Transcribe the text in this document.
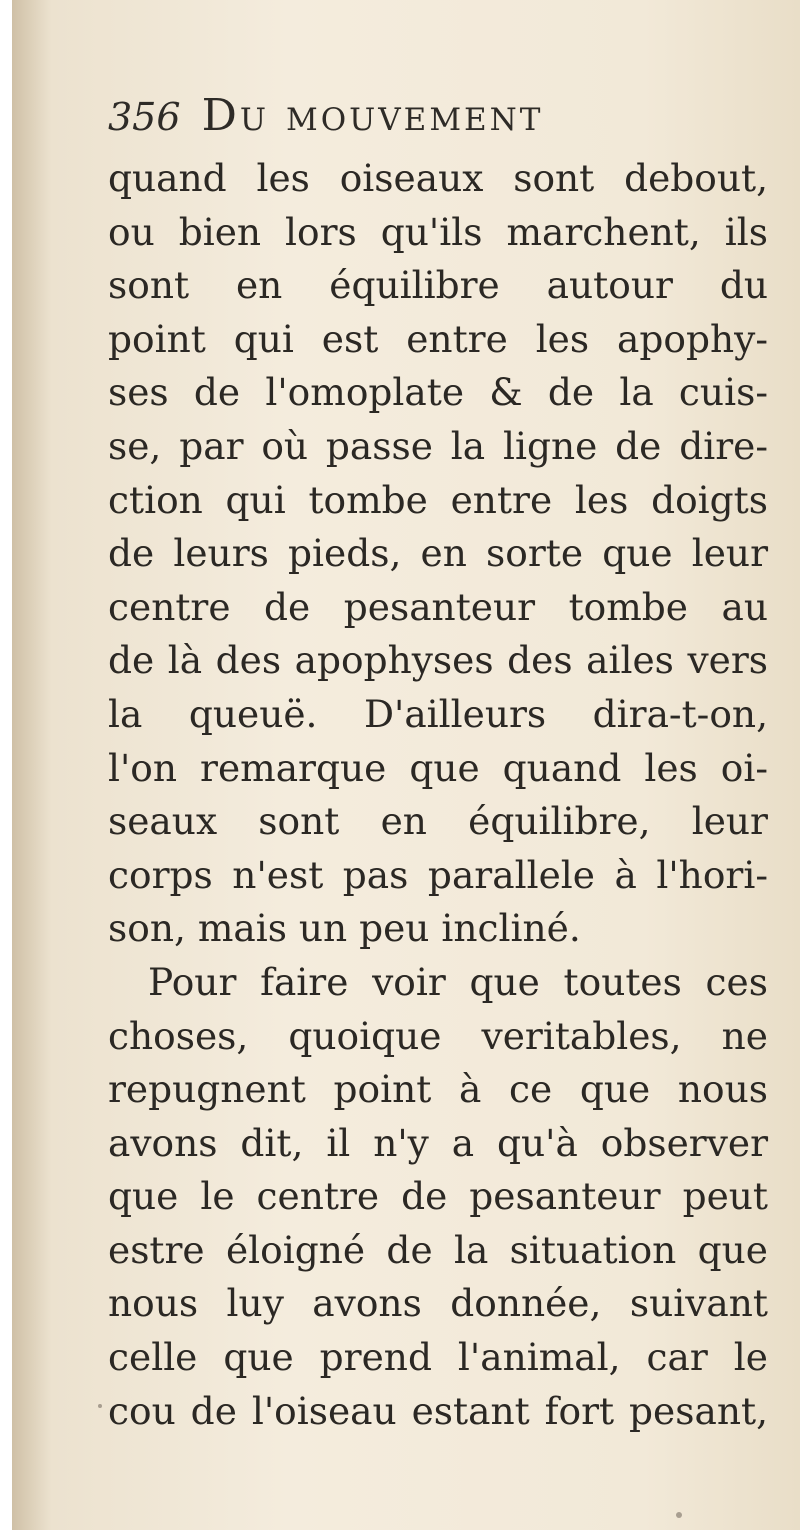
356 Du mouvement
quand les oiseaux sont debout,
ou bien lors qu'ils marchent, ils
sont en équilibre autour du
point qui est entre les apophy-
ses de l'omoplate & de la cuis-
se, par où passe la ligne de dire-
ction qui tombe entre les doigts
de leurs pieds, en sorte que leur
centre de pesanteur tombe au
de là des apophyses des ailes vers
la queuë. D'ailleurs dira-t-on,
l'on remarque que quand les oi-
seaux sont en équilibre, leur
corps n'est pas parallele à l'hori-
son, mais un peu incliné.
Pour faire voir que toutes ces
choses, quoique veritables, ne
repugnent point à ce que nous
avons dit, il n'y a qu'à observer
que le centre de pesanteur peut
estre éloigné de la situation que
nous luy avons donnée, suivant
celle que prend l'animal, car le
cou de l'oiseau estant fort pesant,
